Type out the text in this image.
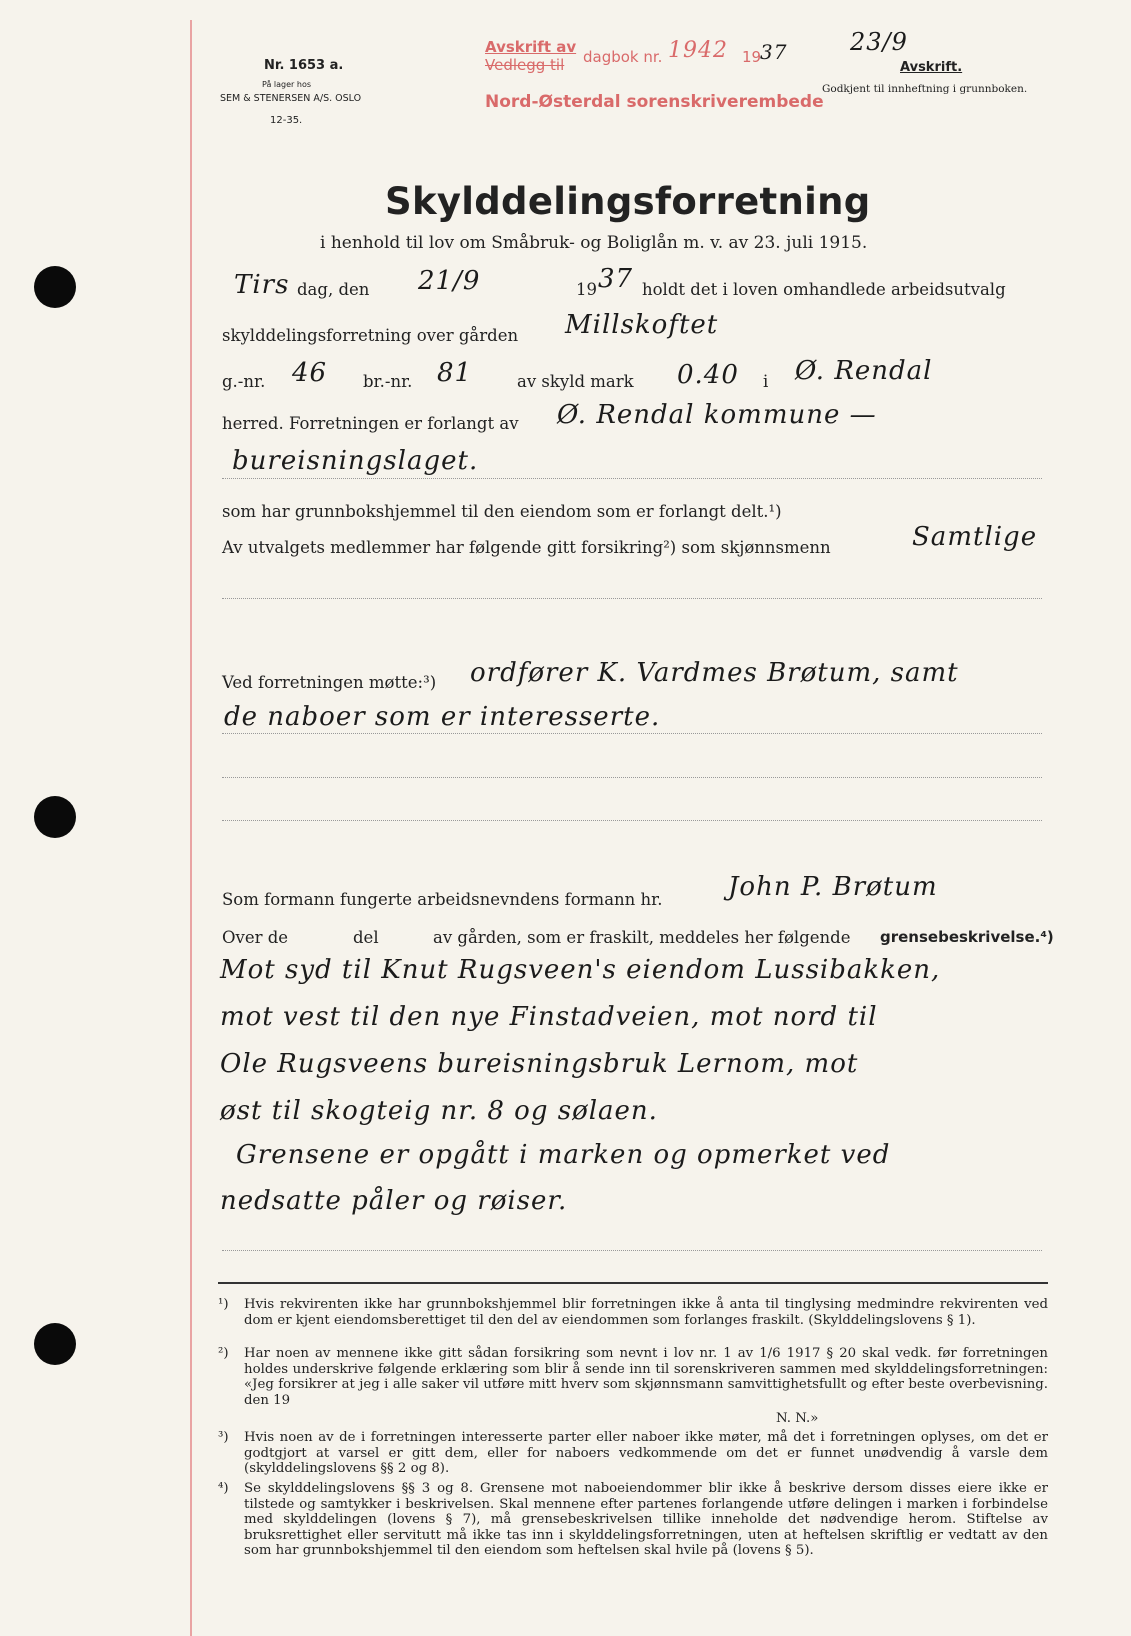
Nr. 1653 a.
På lager hos
SEM & STENERSEN A/S. OSLO
12-35.
Avskrift av
Vedlegg til dagbok nr. 1942 19
37	23/9
Nord-Østerdal sorenskriverembede
Avskrift.
Godkjent til innheftning i grunnboken.
Skylddelingsforretning
i henhold til lov om Småbruk- og Boliglån m. v. av 23. juli 1915.
Tirs dag, den 21/9	19 37 holdt det i loven omhandlede arbeidsutvalg
skylddelingsforretning over gården Millskoftet
g.-nr. 46 br.-nr. 81	av skyld mark 0.40 i Ø. Rendal
herred. Forretningen er forlangt av Ø. Rendal kommune —
bureisningslaget.
som har grunnbokshjemmel til den eiendom som er forlangt delt.¹)
Av utvalgets medlemmer har følgende gitt forsikring²) som skjønnsmenn	Samtlige
Ved forretningen møtte:³) ordfører K. Vardmes Brøtum, samt
de naboer som er interesserte.
Som formann fungerte arbeidsnevndens formann hr.	John P. Brøtum
Over de	del	av gården, som er fraskilt, meddeles her følgende grensebeskrivelse.⁴)
Mot syd til Knut Rugsveen's eiendom Lussibakken,
mot vest til den nye Finstadveien, mot nord til
Ole Rugsveens bureisningsbruk Lernom, mot
øst til skogteig nr. 8 og sølaen.
Grensene er opgått i marken og opmerket ved
nedsatte påler og røiser.
¹) Hvis rekvirenten ikke har grunnbokshjemmel blir forretningen ikke å anta til tinglysing medmindre rekvirenten ved dom er kjent eiendomsberettiget til den del av eiendommen som forlanges fraskilt. (Skylddelingslovens § 1).
²) Har noen av mennene ikke gitt sådan forsikring som nevnt i lov nr. 1 av 1/6 1917 § 20 skal vedk. før forretningen holdes underskrive følgende erklæring som blir å sende inn til sorenskriveren sammen med skylddelingsforretningen: «Jeg forsikrer at jeg i alle saker vil utføre mitt hverv som skjønnsmann samvittighetsfullt og efter beste overbevisning. den 19
N. N.»
³) Hvis noen av de i forretningen interesserte parter eller naboer ikke møter, må det i forretningen oplyses, om det er godtgjort at varsel er gitt dem, eller for naboers vedkommende om det er funnet unødvendig å varsle dem (skylddelingslovens §§ 2 og 8).
⁴) Se skylddelingslovens §§ 3 og 8. Grensene mot naboeiendommer blir ikke å beskrive dersom disses eiere ikke er tilstede og samtykker i beskrivelsen. Skal mennene efter partenes forlangende utføre delingen i marken i forbindelse med skylddelingen (lovens § 7), må grensebeskrivelsen tillike inneholde det nødvendige herom. Stiftelse av bruksrettighet eller servitutt må ikke tas inn i skylddelingsforretningen, uten at heftelsen skriftlig er vedtatt av den som har grunnbokshjemmel til den eiendom som heftelsen skal hvile på (lovens § 5).
